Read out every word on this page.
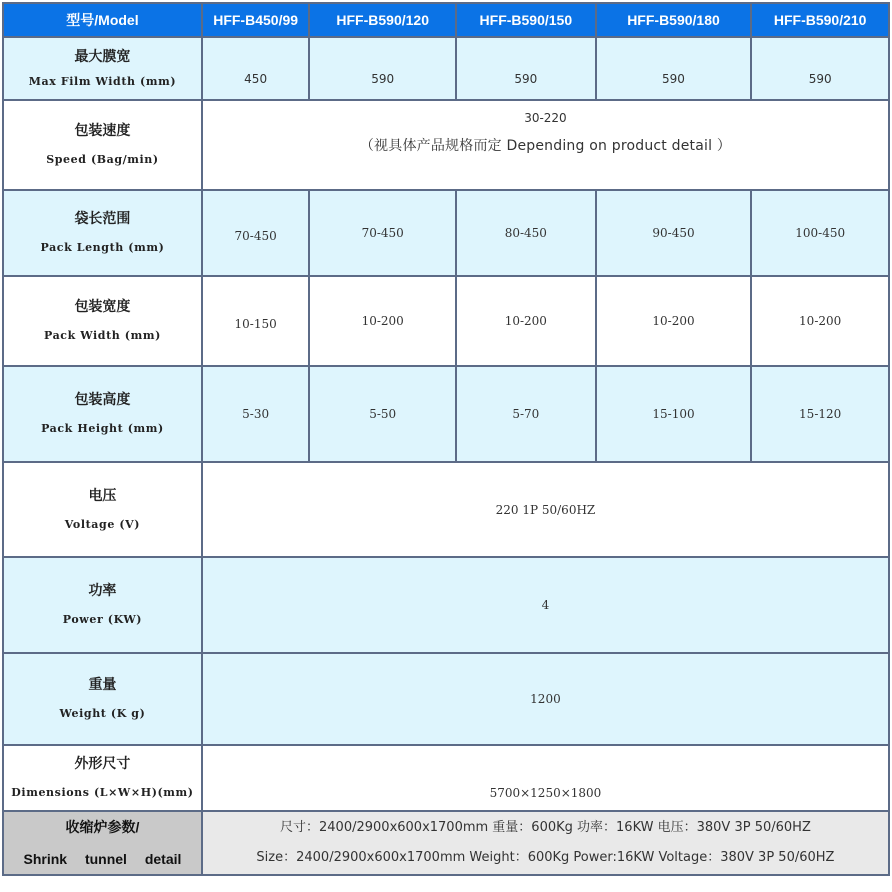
型号/Model	HFF-B450/99	HFF-B590/120	HFF-B590/150	HFF-B590/180	HFF-B590/210

最大膜宽
Max Film Width (mm)	450	590	590	590	590

包装速度
Speed (Bag/min)	30-220
（视具体产品规格而定 Depending on product detail ）				

袋长范围
Pack Length (mm)	70-450	70-450	80-450	90-450	100-450

包装宽度
Pack Width (mm)	10-150	10-200	10-200	10-200	10-200

包装高度
Pack Height (mm)	5-30	5-50	5-70	15-100	15-120

电压
Voltage (V)	220 1P 50/60HZ				

功率
Power (KW)	4				

重量
Weight (K g)	1200				

外形尺寸
Dimensions (L×W×H)(mm)	5700×1250×1800				

收缩炉参数/
Shrink tunnel detail	尺寸：2400/2900x600x1700mm 重量：600Kg 功率：16KW 电压：380V 3P 50/60HZ
Size：2400/2900x600x1700mm Weight：600Kg Power:16KW Voltage：380V 3P 50/60HZ				
